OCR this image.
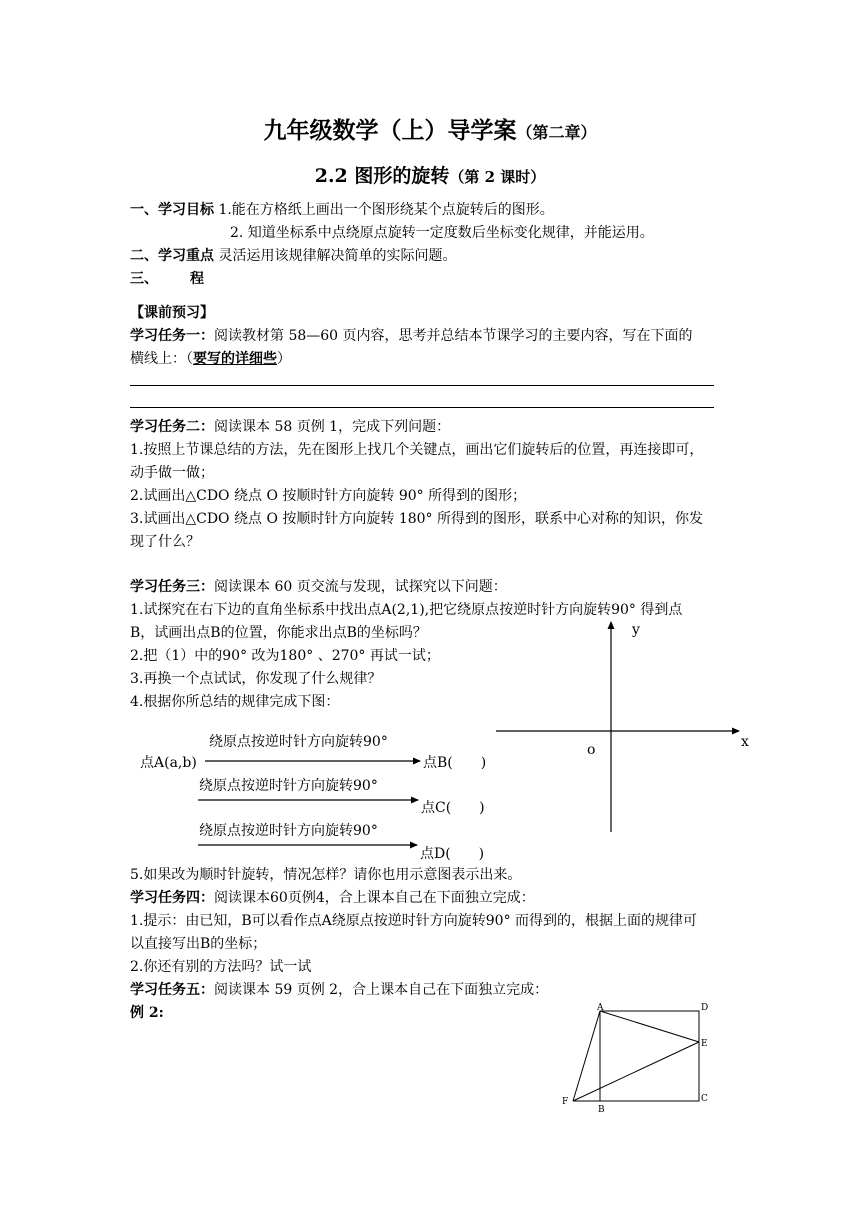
九年级数学（上）导学案（第二章）
2.2 图形的旋转（第 2 课时）
一、学习目标 1.能在方格纸上画出一个图形绕某个点旋转后的图形。
2. 知道坐标系中点绕原点旋转一定度数后坐标变化规律，并能运用。
二、学习重点 灵活运用该规律解决简单的实际问题。
三、 程
【课前预习】
学习任务一：阅读教材第 58—60 页内容，思考并总结本节课学习的主要内容，写在下面的
横线上：（要写的详细些）
学习任务二：阅读课本 58 页例 1，完成下列问题：
1.按照上节课总结的方法，先在图形上找几个关键点，画出它们旋转后的位置，再连接即可，
动手做一做；
2.试画出△CDO 绕点 O 按顺时针方向旋转 90° 所得到的图形；
3.试画出△CDO 绕点 O 按顺时针方向旋转 180° 所得到的图形，联系中心对称的知识，你发
现了什么？
学习任务三：阅读课本 60 页交流与发现，试探究以下问题：
1.试探究在右下边的直角坐标系中找出点A(2,1),把它绕原点按逆时针方向旋转90° 得到点
B，试画出点B的位置，你能求出点B的坐标吗？
2.把（1）中的90° 改为180° 、270° 再试一试；
3.再换一个点试试，你发现了什么规律？
4.根据你所总结的规律完成下图：
绕原点按逆时针方向旋转90°
点A(a,b)	点B(　　)
绕原点按逆时针方向旋转90°
点C(　　)
绕原点按逆时针方向旋转90°
点D(　　)
x
y
o
A	D
E
C
B
F
5.如果改为顺时针旋转，情况怎样？请你也用示意图表示出来。
学习任务四：阅读课本60页例4，合上课本自己在下面独立完成：
1.提示：由已知，B可以看作点A绕原点按逆时针方向旋转90° 而得到的，根据上面的规律可
以直接写出B的坐标；
2.你还有别的方法吗？试一试
学习任务五：阅读课本 59 页例 2，合上课本自己在下面独立完成：
例 2:
